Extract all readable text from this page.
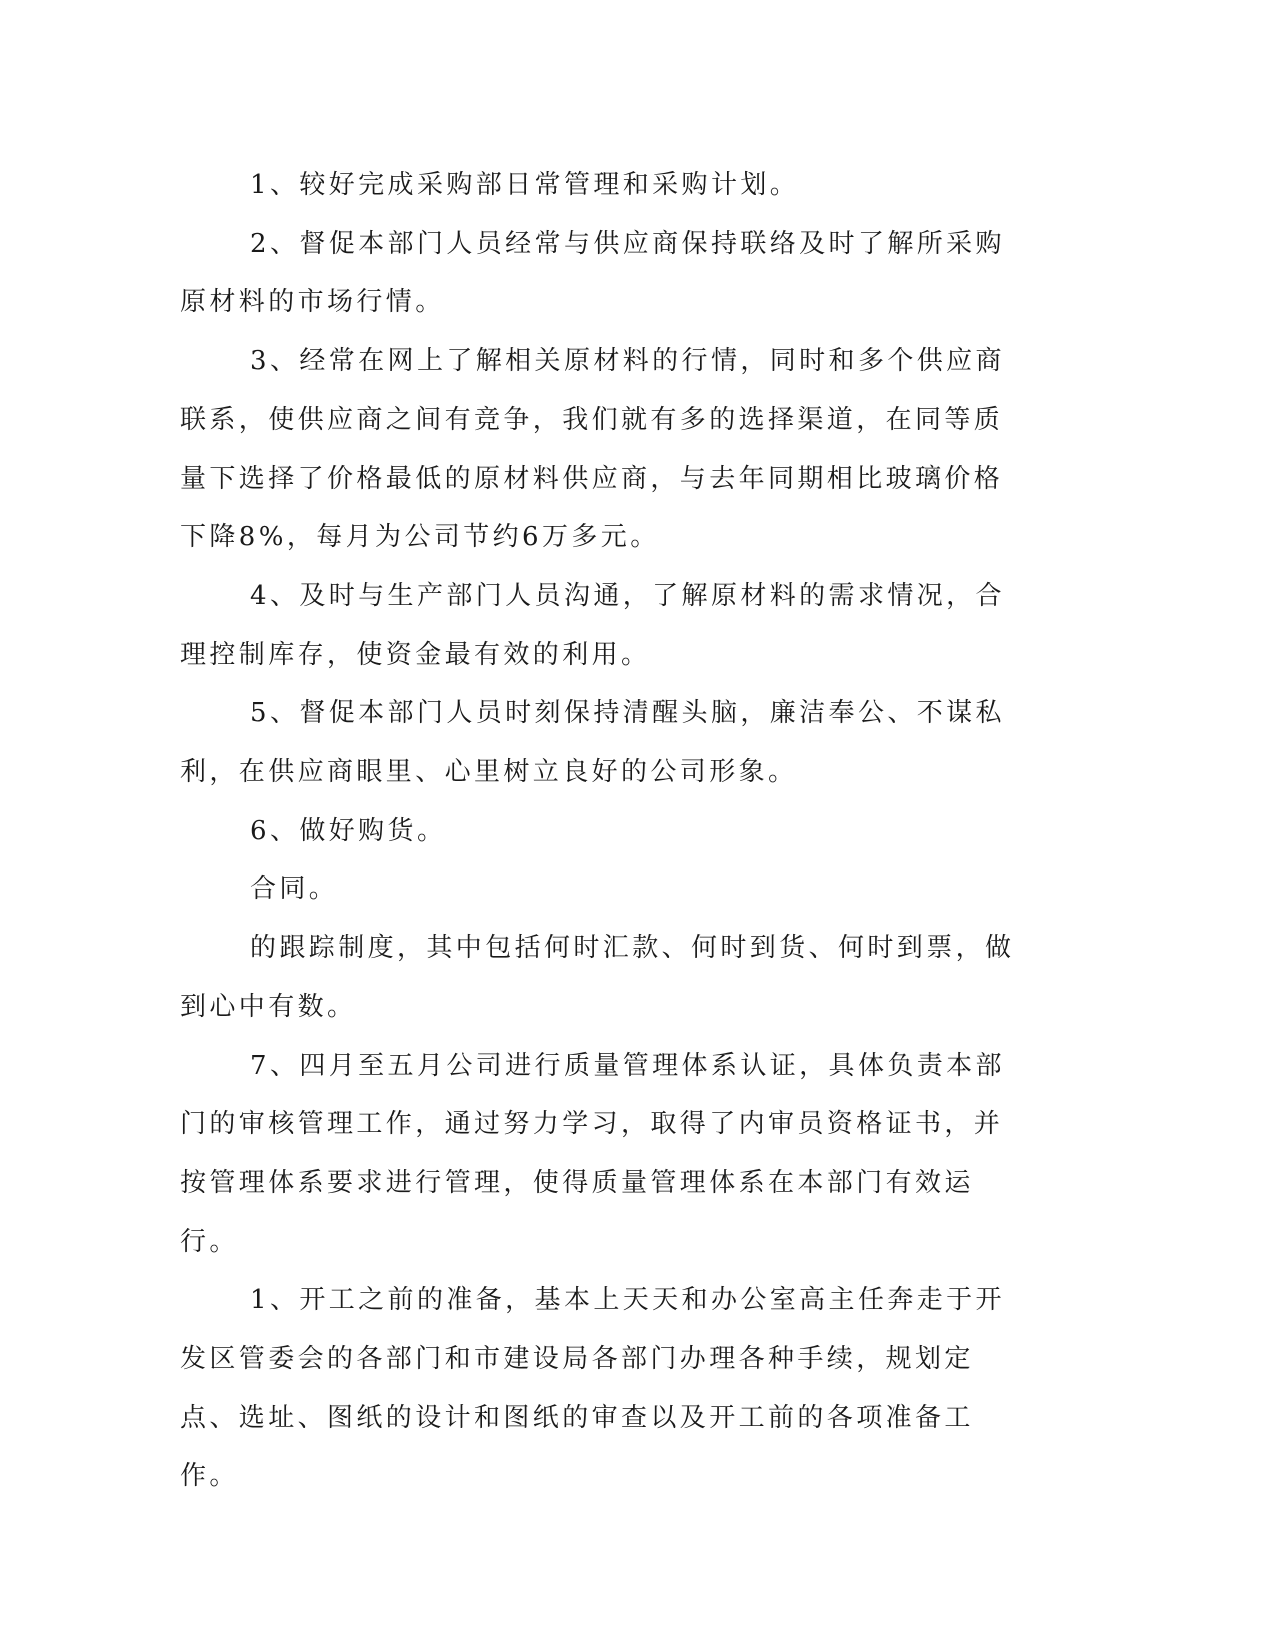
1、较好完成采购部日常管理和采购计划。

2、督促本部门人员经常与供应商保持联络及时了解所采购原材料的市场行情。

3、经常在网上了解相关原材料的行情，同时和多个供应商联系，使供应商之间有竞争，我们就有多的选择渠道，在同等质量下选择了价格最低的原材料供应商，与去年同期相比玻璃价格下降8%，每月为公司节约6万多元。

4、及时与生产部门人员沟通，了解原材料的需求情况，合理控制库存，使资金最有效的利用。

5、督促本部门人员时刻保持清醒头脑，廉洁奉公、不谋私利，在供应商眼里、心里树立良好的公司形象。

6、做好购货。

合同。

的跟踪制度，其中包括何时汇款、何时到货、何时到票，做到心中有数。

7、四月至五月公司进行质量管理体系认证，具体负责本部门的审核管理工作，通过努力学习，取得了内审员资格证书，并按管理体系要求进行管理，使得质量管理体系在本部门有效运行。

1、开工之前的准备，基本上天天和办公室高主任奔走于开发区管委会的各部门和市建设局各部门办理各种手续，规划定点、选址、图纸的设计和图纸的审查以及开工前的各项准备工作。
